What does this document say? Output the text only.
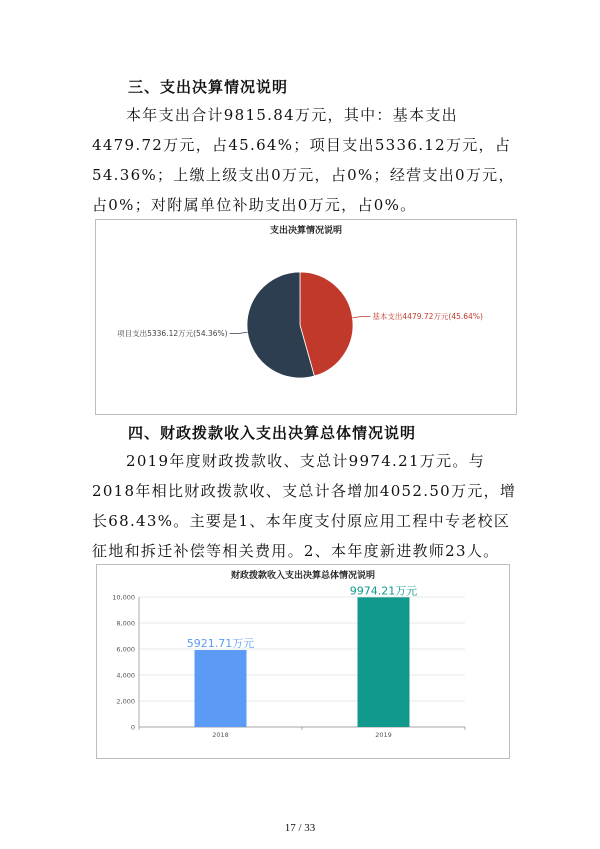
三、支出决算情况说明
本年支出合计9815.84万元，其中：基本支出
4479.72万元，占45.64%；项目支出5336.12万元，占
54.36%；上缴上级支出0万元，占0%；经营支出0万元，
占0%；对附属单位补助支出0万元，占0%。
支出决算情况说明
基本支出4479.72万元(45.64%)
项目支出5336.12万元(54.36%)
四、财政拨款收入支出决算总体情况说明
2019年度财政拨款收、支总计9974.21万元。与
2018年相比财政拨款收、支总计各增加4052.50万元，增
长68.43%。主要是1、本年度支付原应用工程中专老校区
征地和拆迁补偿等相关费用。2、本年度新进教师23人。
财政拨款收入支出决算总体情况说明
0
2,000
4,000
6,000
8,000
10,000
5921.71万元
2018
9974.21万元
2019
17 / 33
